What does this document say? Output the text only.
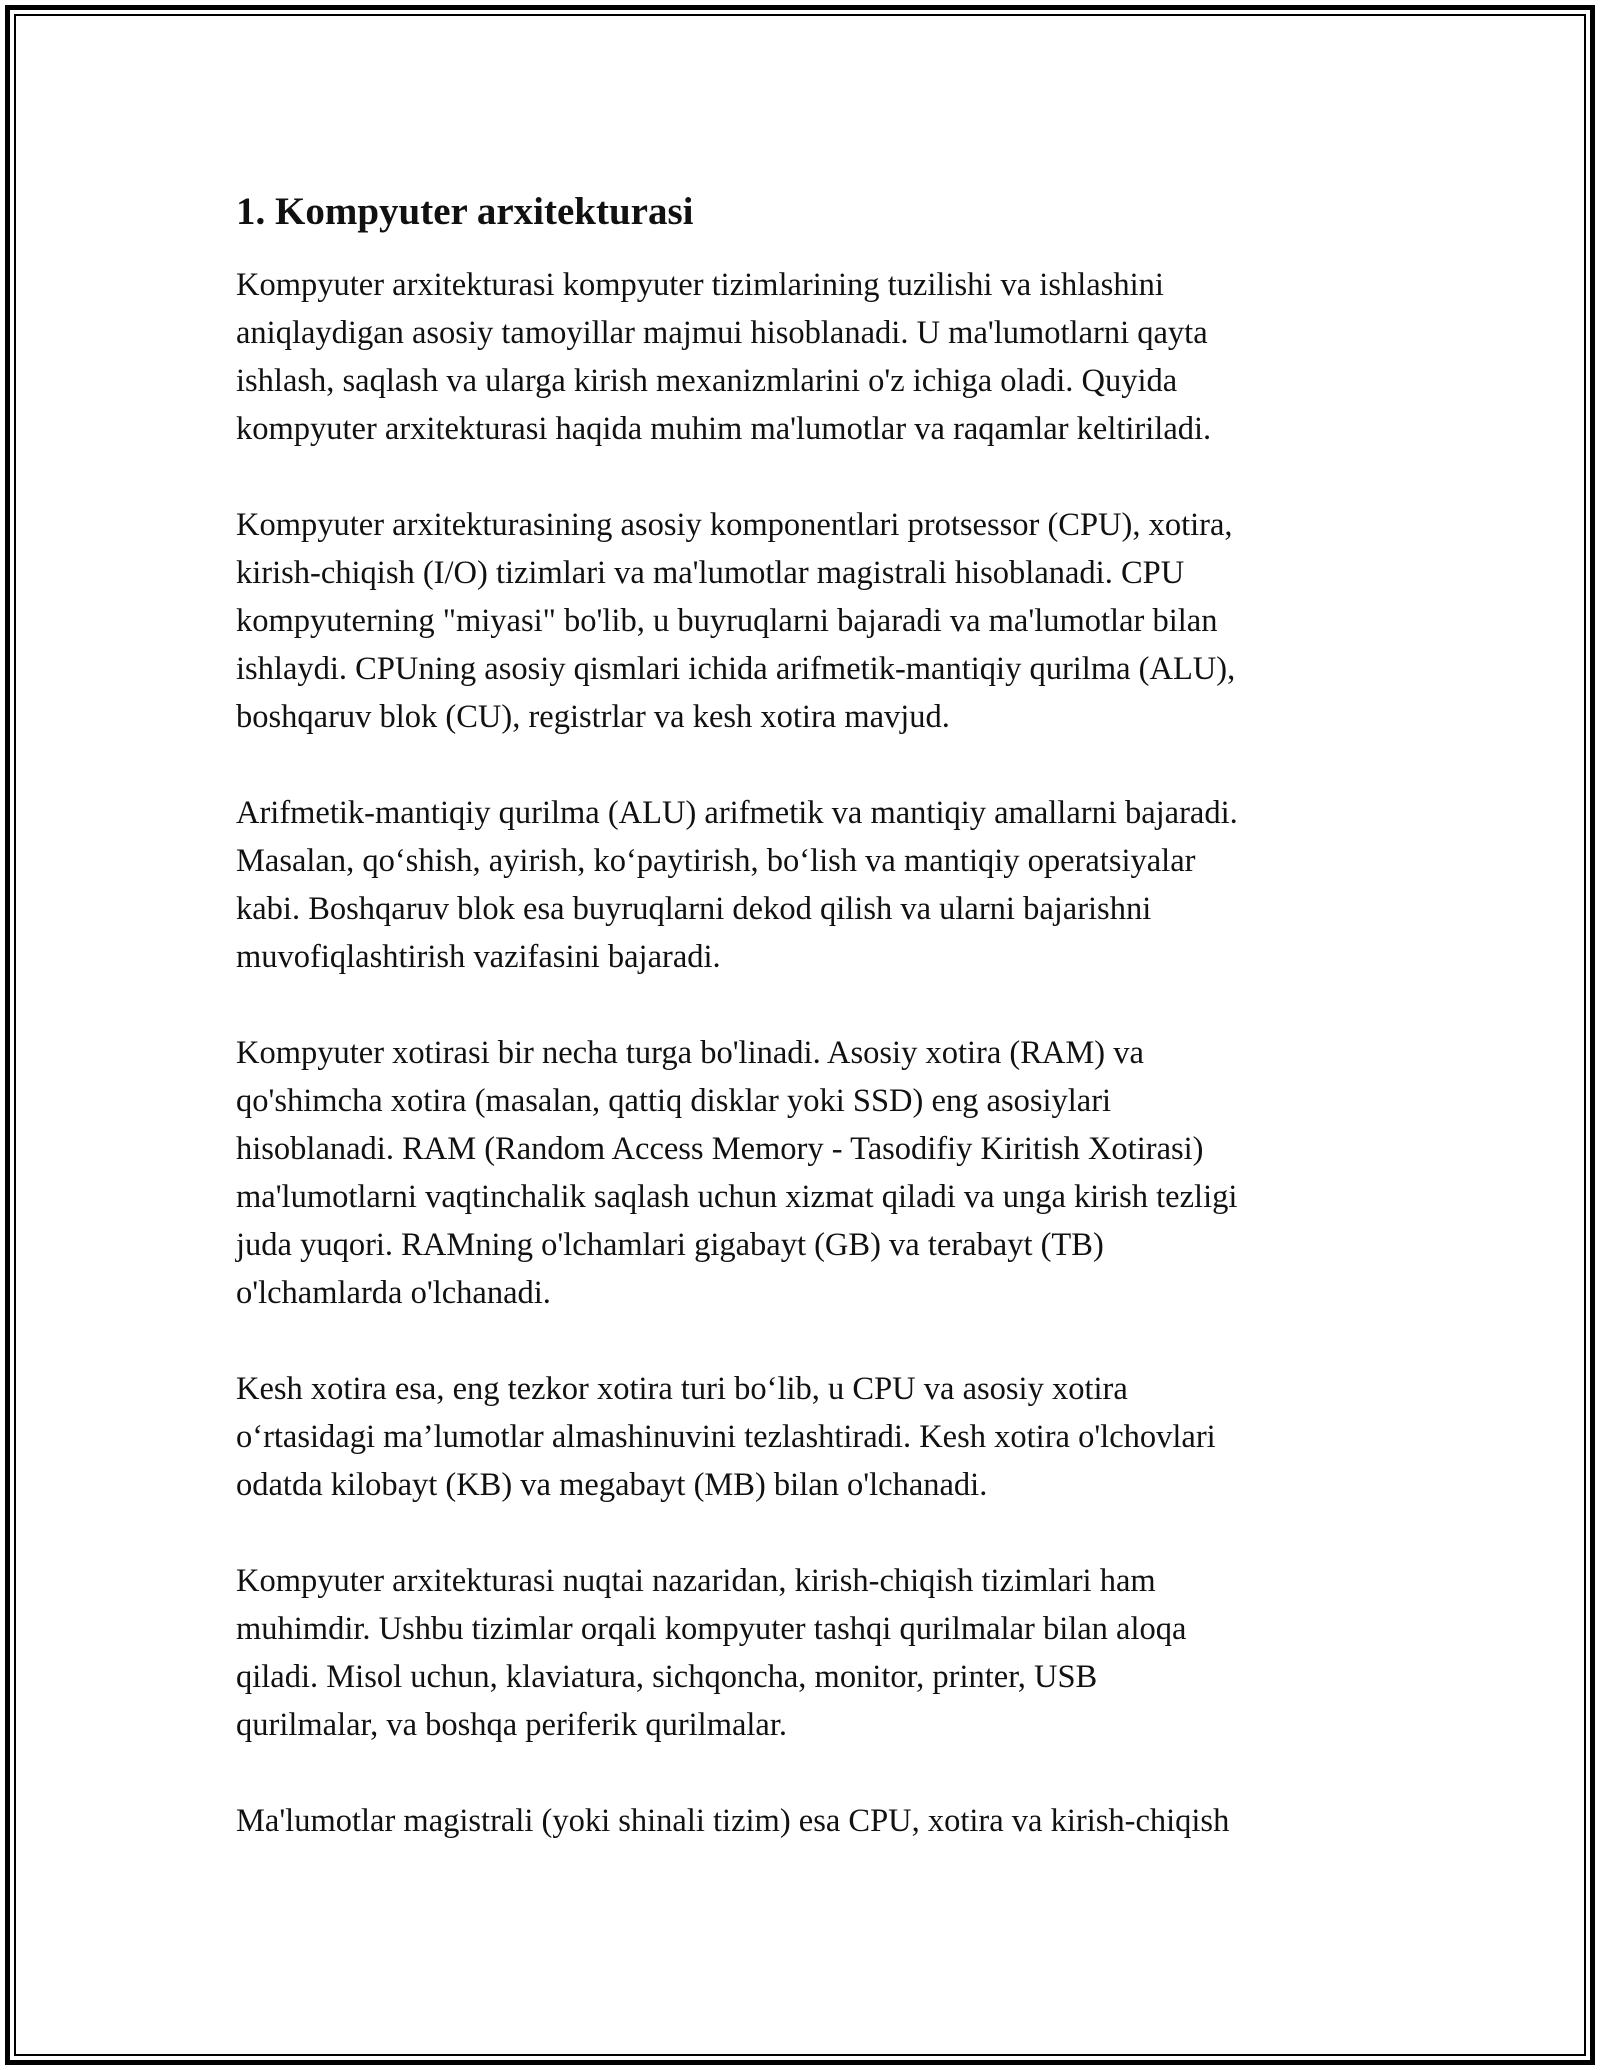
1. Kompyuter arxitekturasi

Kompyuter arxitekturasi kompyuter tizimlarining tuzilishi va ishlashini
aniqlaydigan asosiy tamoyillar majmui hisoblanadi. U ma'lumotlarni qayta
ishlash, saqlash va ularga kirish mexanizmlarini o'z ichiga oladi. Quyida
kompyuter arxitekturasi haqida muhim ma'lumotlar va raqamlar keltiriladi.

Kompyuter arxitekturasining asosiy komponentlari protsessor (CPU), xotira,
kirish-chiqish (I/O) tizimlari va ma'lumotlar magistrali hisoblanadi. CPU
kompyuterning "miyasi" bo'lib, u buyruqlarni bajaradi va ma'lumotlar bilan
ishlaydi. CPUning asosiy qismlari ichida arifmetik-mantiqiy qurilma (ALU),
boshqaruv blok (CU), registrlar va kesh xotira mavjud.

Arifmetik-mantiqiy qurilma (ALU) arifmetik va mantiqiy amallarni bajaradi.
Masalan, qo‘shish, ayirish, ko‘paytirish, bo‘lish va mantiqiy operatsiyalar
kabi. Boshqaruv blok esa buyruqlarni dekod qilish va ularni bajarishni
muvofiqlashtirish vazifasini bajaradi.

Kompyuter xotirasi bir necha turga bo'linadi. Asosiy xotira (RAM) va
qo'shimcha xotira (masalan, qattiq disklar yoki SSD) eng asosiylari
hisoblanadi. RAM (Random Access Memory - Tasodifiy Kiritish Xotirasi)
ma'lumotlarni vaqtinchalik saqlash uchun xizmat qiladi va unga kirish tezligi
juda yuqori. RAMning o'lchamlari gigabayt (GB) va terabayt (TB)
o'lchamlarda o'lchanadi.

Kesh xotira esa, eng tezkor xotira turi bo‘lib, u CPU va asosiy xotira
o‘rtasidagi ma’lumotlar almashinuvini tezlashtiradi. Kesh xotira o'lchovlari
odatda kilobayt (KB) va megabayt (MB) bilan o'lchanadi.

Kompyuter arxitekturasi nuqtai nazaridan, kirish-chiqish tizimlari ham
muhimdir. Ushbu tizimlar orqali kompyuter tashqi qurilmalar bilan aloqa
qiladi. Misol uchun, klaviatura, sichqoncha, monitor, printer, USB
qurilmalar, va boshqa periferik qurilmalar.

Ma'lumotlar magistrali (yoki shinali tizim) esa CPU, xotira va kirish-chiqish
